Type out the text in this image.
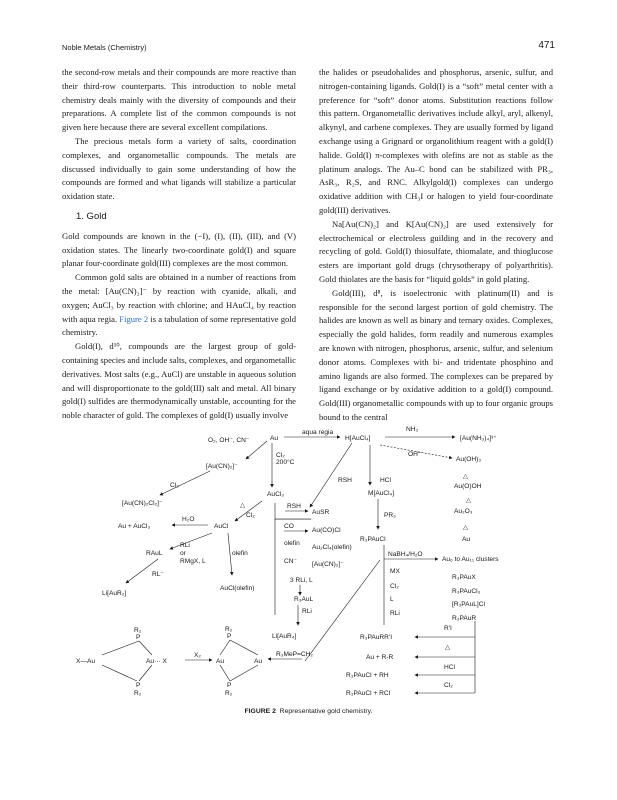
Noble Metals (Chemistry)	471

the second-row metals and their compounds are more reactive than their third-row counterparts. This introduction to noble metal chemistry deals mainly with the diversity of compounds and their preparations. A complete list of the common compounds is not given here because there are several excellent compilations.

The precious metals form a variety of salts, coordination complexes, and organometallic compounds. The metals are discussed individually to gain some understanding of how the compounds are formed and what ligands will stabilize a particular oxidation state.

1. Gold

Gold compounds are known in the (−I), (I), (II), (III), and (V) oxidation states. The linearly two-coordinate gold(I) and square planar four-coordinate gold(III) complexes are the most common.

Common gold salts are obtained in a number of reactions from the metal: [Au(CN)₂]⁻ by reaction with cyanide, alkali, and oxygen; AuCl₃ by reaction with chlorine; and HAuCl₄ by reaction with aqua regia. Figure 2 is a tabulation of some representative gold chemistry.

Gold(I), d¹⁰, compounds are the largest group of gold-containing species and include salts, complexes, and organometallic derivatives. Most salts (e.g., AuCl) are unstable in aqueous solution and will disproportionate to the gold(III) salt and metal. All binary gold(I) sulfides are thermodynamically unstable, accounting for the noble character of gold. The complexes of gold(I) usually involve

the halides or pseudohalides and phosphorus, arsenic, sulfur, and nitrogen-containing ligands. Gold(I) is a “soft” metal center with a preference for “soft” donor atoms. Substitution reactions follow this pattern. Organometallic derivatives include alkyl, aryl, alkenyl, alkynyl, and carbene complexes. They are usually formed by ligand exchange using a Grignard or organolithium reagent with a gold(I) halide. Gold(I) π-complexes with olefins are not as stable as the platinum analogs. The Au–C bond can be stabilized with PR₃, AsR₃, R₂S, and RNC. Alkylgold(I) complexes can undergo oxidative addition with CH₃I or halogen to yield four-coordinate gold(III) derivatives.

Na[Au(CN)₂] and K[Au(CN)₂] are used extensively for electrochemical or electroless guilding and in the recovery and recycling of gold. Gold(I) thiosulfate, thiomalate, and thioglucose esters are important gold drugs (chrysotherapy of polyarthritis). Gold thiolates are the basis for “liquid golds” in gold plating.

Gold(III), d⁸, is isoelectronic with platinum(II) and is responsible for the second largest portion of gold chemistry. The halides are known as well as binary and ternary oxides. Complexes, especially the gold halides, form readily and numerous examples are known with nitrogen, phosphorus, arsenic, sulfur, and selenium donor atoms. Complexes with bi- and tridentate phosphino and amino ligands are also formed. The complexes can be prepared by ligand exchange or by oxidative addition to a gold(I) compound. Gold(III) organometallic compounds with up to four organic groups bound to the central

O₂, OH⁻, CN⁻	Au
aqua regia
H[AuCl₄]
NH₃
[Au(NH₃)₄]³⁺
OH⁻
Au(OH)₃
[Au(CN)₂]⁻
Cl₂
200°C
RSH	HCl
M[AuCl₄]
△
Au(O)OH
Cl₂
[Au(CN)₂Cl₂]⁻
AuCl₃
△
Cl₂
RSH
AuSR	PR₃
△
Au₂O₃
H₂O
Au + AuCl₃	AuCl	CO
Au(CO)Cl
R₃PAuCl
△
Au
olefin
Au₂Cl₄(olefin)
NaBH₄/H₂O
Au₆ to Au₁₁ clusters
RAuL
RLi
or
RMgX, L
olefin
CN⁻ [Au(CN)₂]⁻
MX
R₃PAuX
RL⁻
3 RLi, L
Cl₂
R₃PAuCl₃
Li[AuR₂]
AuCl(olefin)
L
[R₃PAuL]Cl
R₃AuL
RLi	RLi
R₃PAuR
R₂
P
X—Au	Au··· X
P
R₂
X₂
R₂
P
Au	Au
P
R₂
Li[AuR₄]
R₃MeP=CH₂
R₃PAuRR'I
R'I
△
Au + R-R
HCl
R₃PAuCl + RH
Cl₂
R₃PAuCl + RCl
FIGURE 2 Representative gold chemistry.
